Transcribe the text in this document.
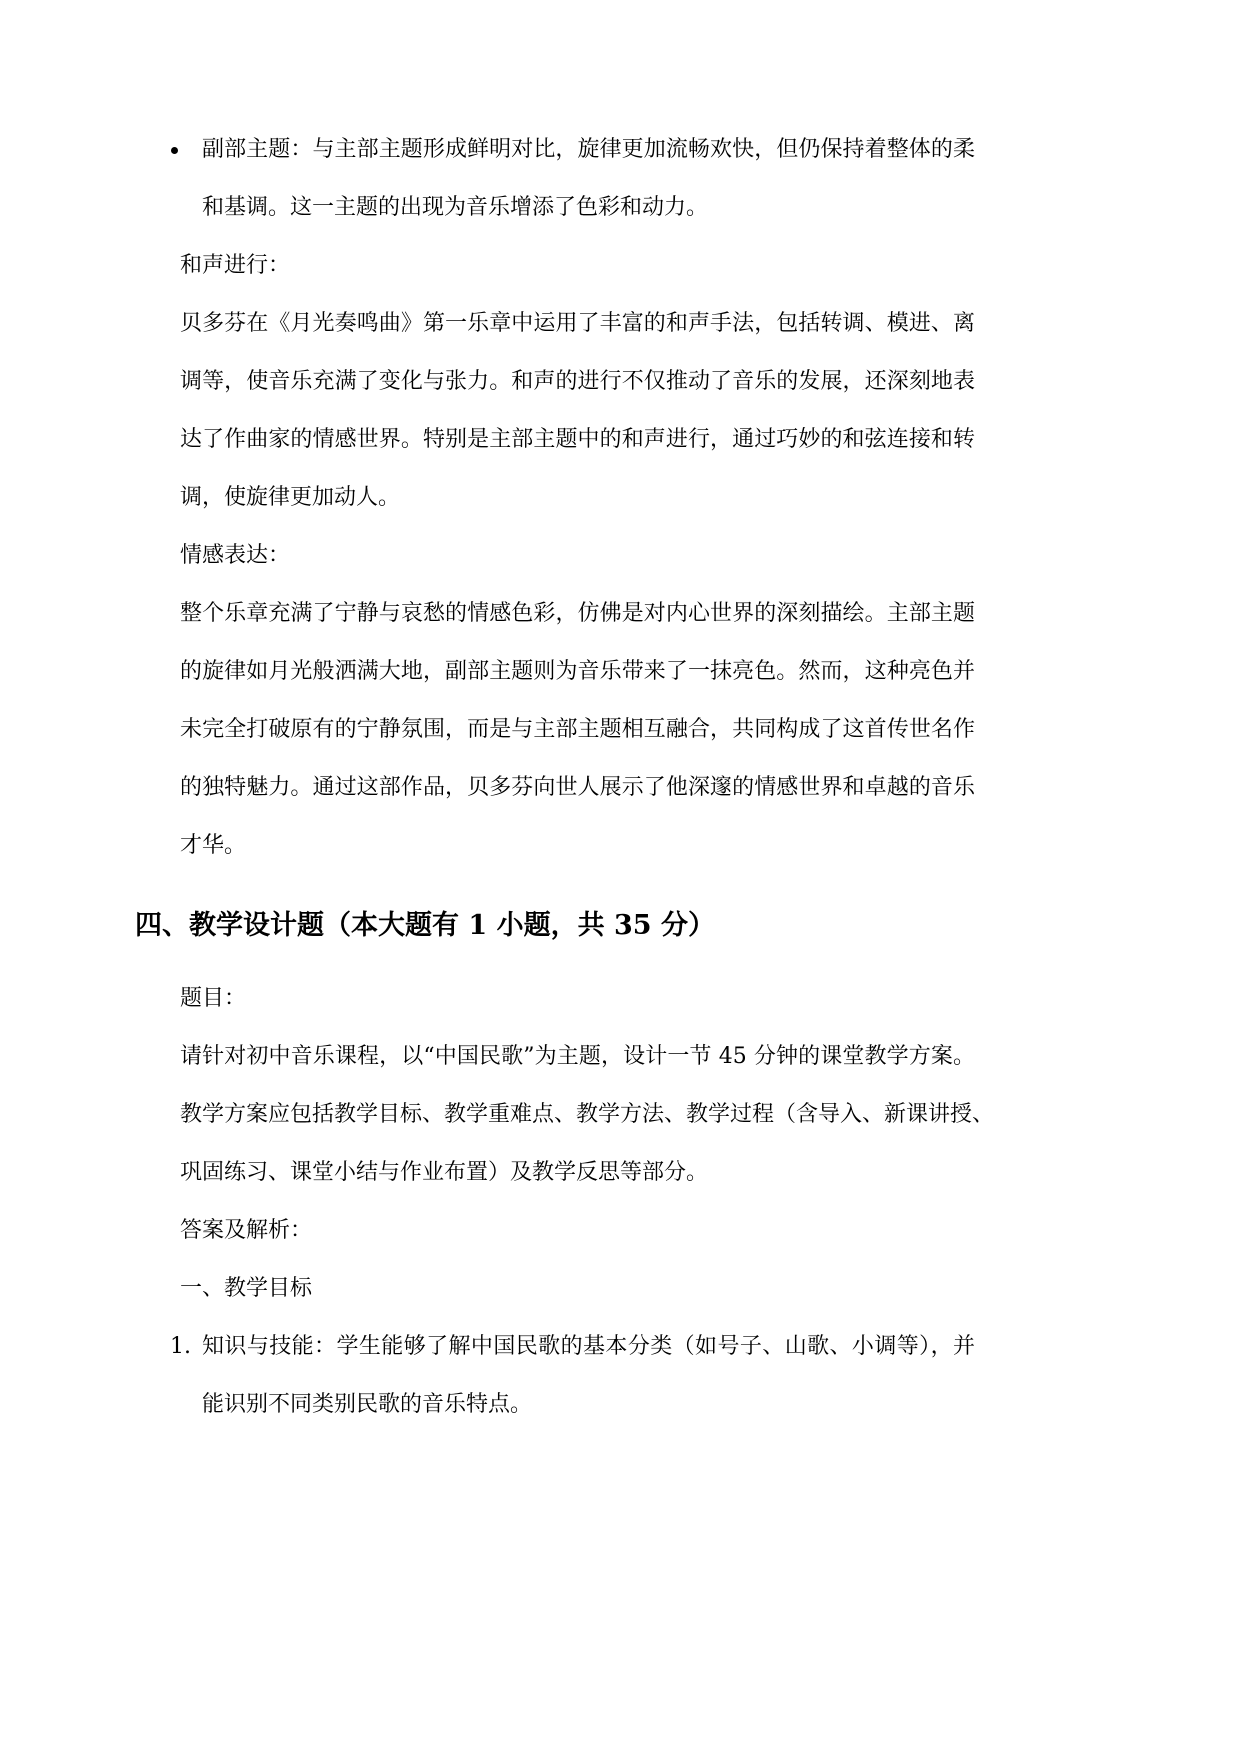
副部主题：与主部主题形成鲜明对比，旋律更加流畅欢快，但仍保持着整体的柔
和基调。这一主题的出现为音乐增添了色彩和动力。
和声进行：
贝多芬在《月光奏鸣曲》第一乐章中运用了丰富的和声手法，包括转调、模进、离
调等，使音乐充满了变化与张力。和声的进行不仅推动了音乐的发展，还深刻地表
达了作曲家的情感世界。特别是主部主题中的和声进行，通过巧妙的和弦连接和转
调，使旋律更加动人。
情感表达：
整个乐章充满了宁静与哀愁的情感色彩，仿佛是对内心世界的深刻描绘。主部主题
的旋律如月光般洒满大地，副部主题则为音乐带来了一抹亮色。然而，这种亮色并
未完全打破原有的宁静氛围，而是与主部主题相互融合，共同构成了这首传世名作
的独特魅力。通过这部作品，贝多芬向世人展示了他深邃的情感世界和卓越的音乐
才华。
四、教学设计题（本大题有 1 小题，共 35 分）
题目：
请针对初中音乐课程，以“中国民歌”为主题，设计一节 45 分钟的课堂教学方案。
教学方案应包括教学目标、教学重难点、教学方法、教学过程（含导入、新课讲授、
巩固练习、课堂小结与作业布置）及教学反思等部分。
答案及解析：
一、教学目标
1. 知识与技能：学生能够了解中国民歌的基本分类（如号子、山歌、小调等），并
能识别不同类别民歌的音乐特点。
